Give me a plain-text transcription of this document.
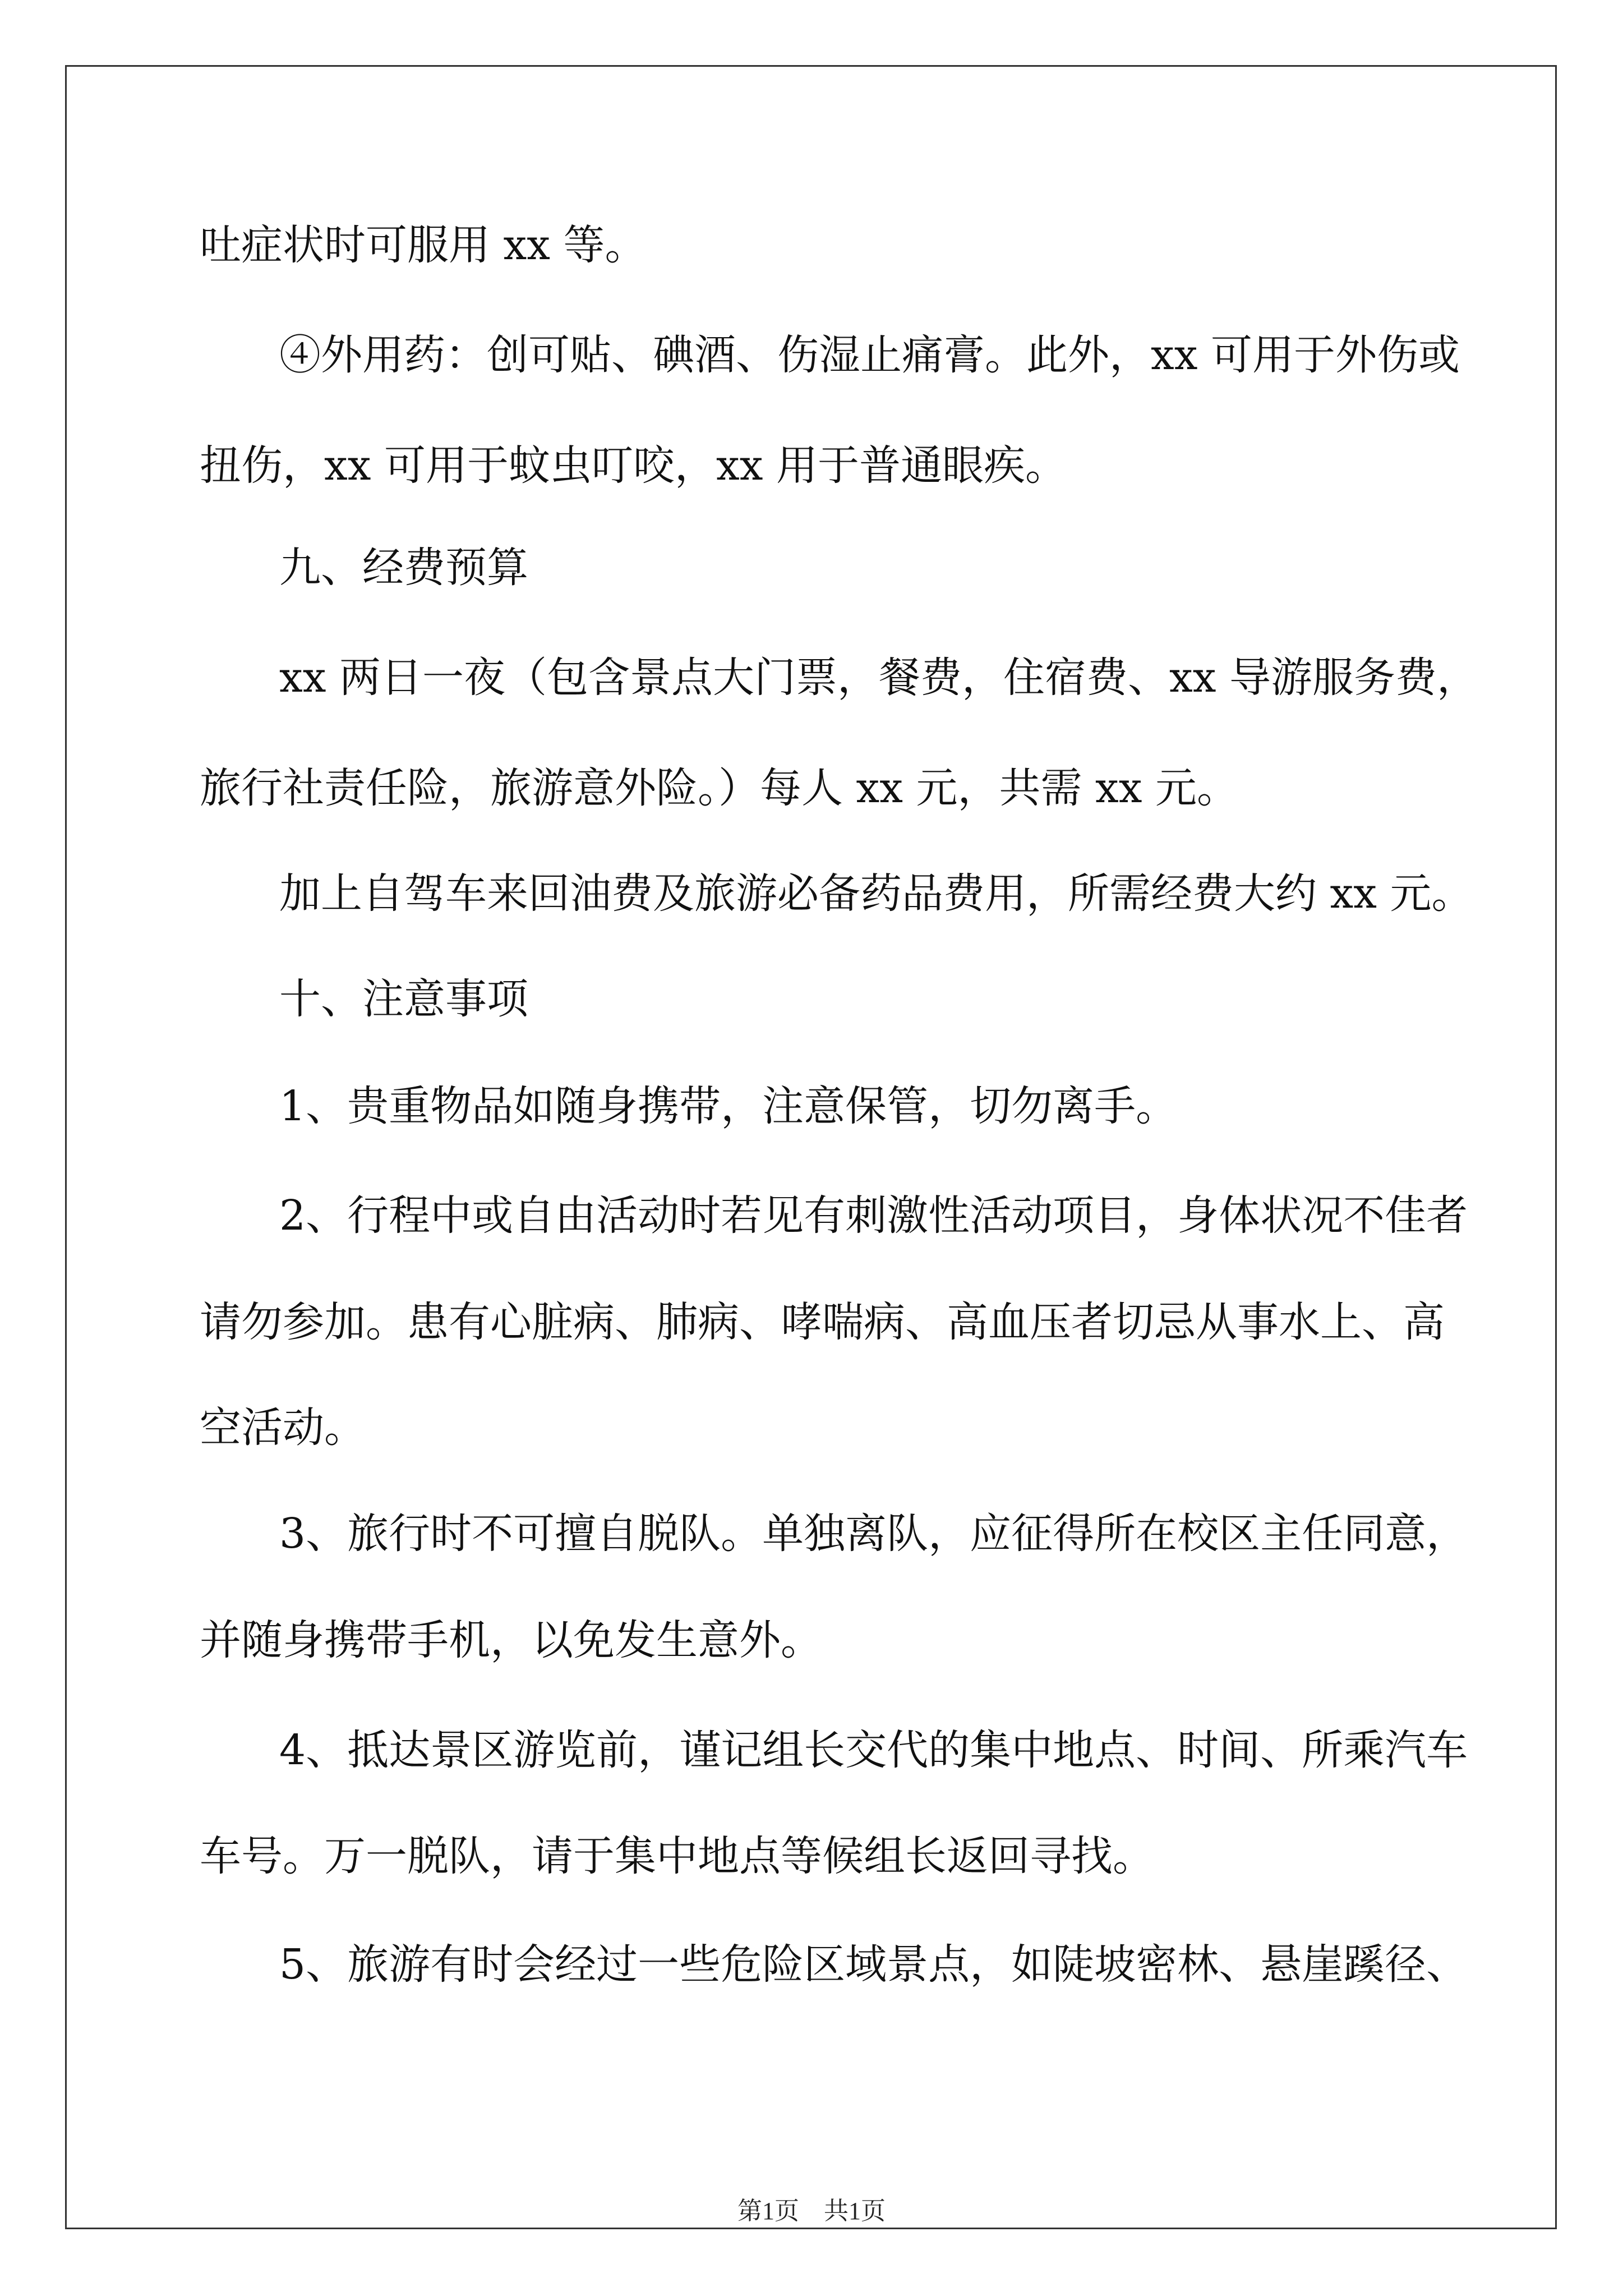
吐症状时可服用 xx 等。
④外用药：创可贴、碘酒、伤湿止痛膏。此外，xx 可用于外伤或
扭伤，xx 可用于蚊虫叮咬，xx 用于普通眼疾。
九、经费预算
xx 两日一夜（包含景点大门票，餐费，住宿费、xx 导游服务费，
旅行社责任险，旅游意外险。）每人 xx 元，共需 xx 元。
加上自驾车来回油费及旅游必备药品费用，所需经费大约 xx 元。
十、注意事项
1、贵重物品如随身携带，注意保管，切勿离手。
2、行程中或自由活动时若见有刺激性活动项目，身体状况不佳者
请勿参加。患有心脏病、肺病、哮喘病、高血压者切忌从事水上、高
空活动。
3、旅行时不可擅自脱队。单独离队，应征得所在校区主任同意，
并随身携带手机，以免发生意外。
4、抵达景区游览前，谨记组长交代的集中地点、时间、所乘汽车
车号。万一脱队，请于集中地点等候组长返回寻找。
5、旅游有时会经过一些危险区域景点，如陡坡密林、悬崖蹊径、
第1页　共1页
